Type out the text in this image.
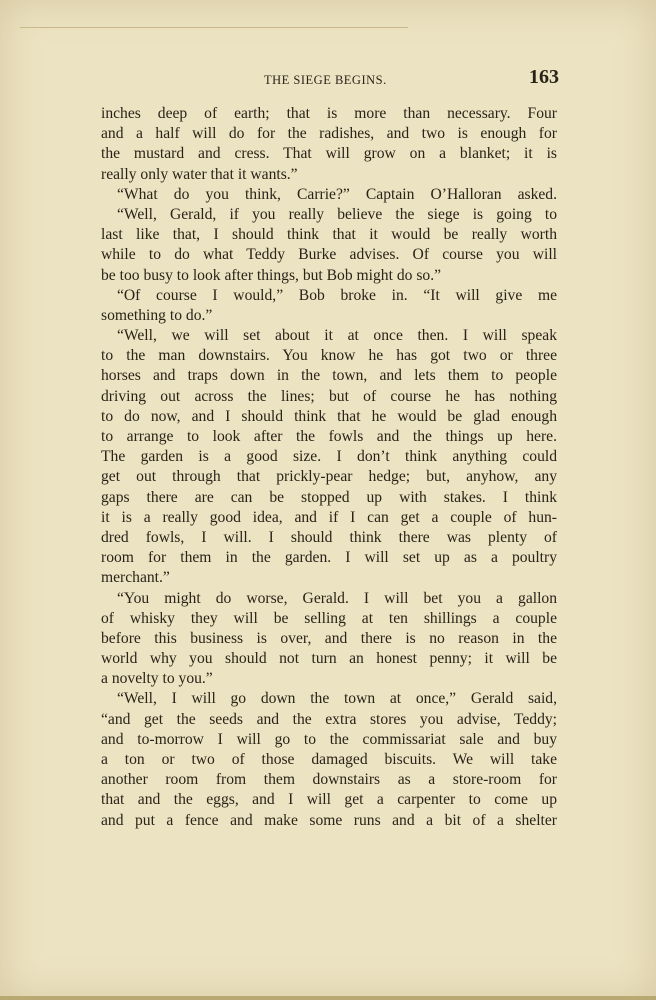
THE SIEGE BEGINS.	163
inches deep of earth; that is more than necessary. Four
and a half will do for the radishes, and two is enough for
the mustard and cress. That will grow on a blanket; it is
really only water that it wants.”
“What do you think, Carrie?” Captain O’Halloran asked.
“Well, Gerald, if you really believe the siege is going to
last like that, I should think that it would be really worth
while to do what Teddy Burke advises. Of course you will
be too busy to look after things, but Bob might do so.”
“Of course I would,” Bob broke in. “It will give me
something to do.”
“Well, we will set about it at once then. I will speak
to the man downstairs. You know he has got two or three
horses and traps down in the town, and lets them to people
driving out across the lines; but of course he has nothing
to do now, and I should think that he would be glad enough
to arrange to look after the fowls and the things up here.
The garden is a good size. I don’t think anything could
get out through that prickly-pear hedge; but, anyhow, any
gaps there are can be stopped up with stakes. I think
it is a really good idea, and if I can get a couple of hun-
dred fowls, I will. I should think there was plenty of
room for them in the garden. I will set up as a poultry
merchant.”
“You might do worse, Gerald. I will bet you a gallon
of whisky they will be selling at ten shillings a couple
before this business is over, and there is no reason in the
world why you should not turn an honest penny; it will be
a novelty to you.”
“Well, I will go down the town at once,” Gerald said,
“and get the seeds and the extra stores you advise, Teddy;
and to-morrow I will go to the commissariat sale and buy
a ton or two of those damaged biscuits. We will take
another room from them downstairs as a store-room for
that and the eggs, and I will get a carpenter to come up
and put a fence and make some runs and a bit of a shelter
